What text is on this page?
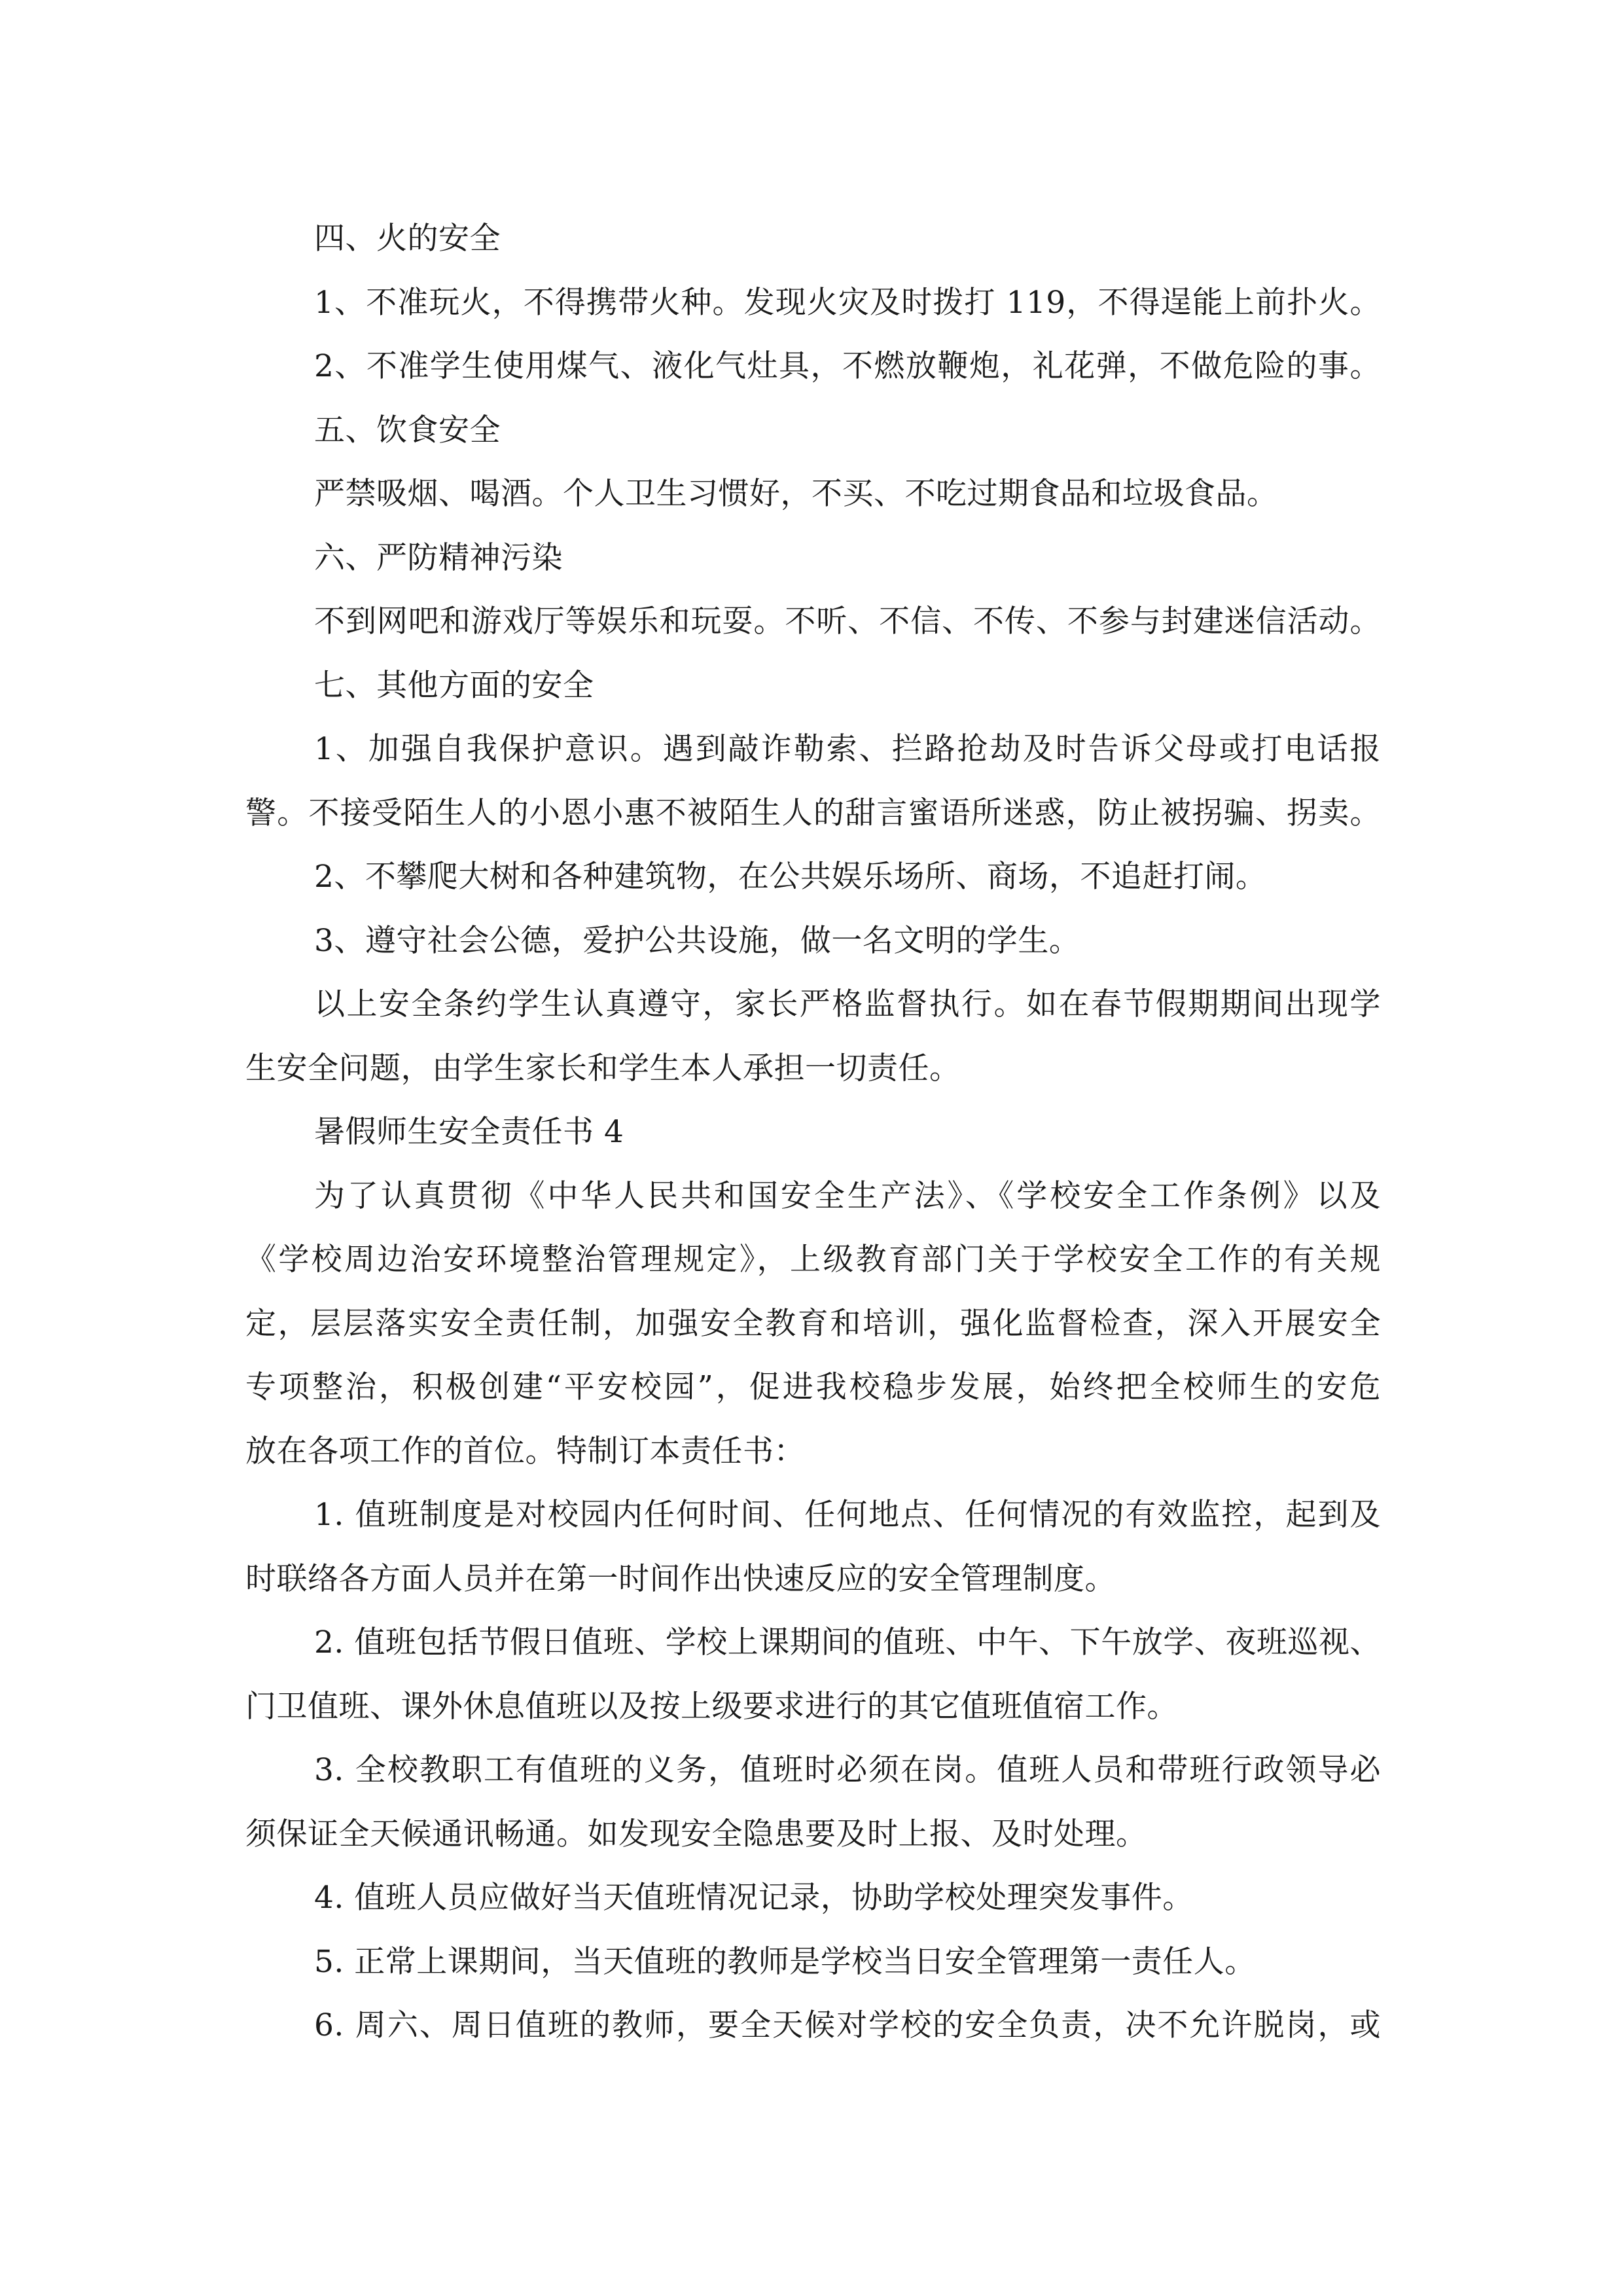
四、火的安全
1、不准玩火，不得携带火种。发现火灾及时拨打 119，不得逞能上前扑火。
2、不准学生使用煤气、液化气灶具，不燃放鞭炮，礼花弹，不做危险的事。
五、饮食安全
严禁吸烟、喝酒。个人卫生习惯好，不买、不吃过期食品和垃圾食品。
六、严防精神污染
不到网吧和游戏厅等娱乐和玩耍。不听、不信、不传、不参与封建迷信活动。
七、其他方面的安全
1、加强自我保护意识。遇到敲诈勒索、拦路抢劫及时告诉父母或打电话报
警。不接受陌生人的小恩小惠不被陌生人的甜言蜜语所迷惑，防止被拐骗、拐卖。
2、不攀爬大树和各种建筑物，在公共娱乐场所、商场，不追赶打闹。
3、遵守社会公德，爱护公共设施，做一名文明的学生。
以上安全条约学生认真遵守，家长严格监督执行。如在春节假期期间出现学
生安全问题，由学生家长和学生本人承担一切责任。
暑假师生安全责任书 4
为了认真贯彻《中华人民共和国安全生产法》、《学校安全工作条例》以及
《学校周边治安环境整治管理规定》，上级教育部门关于学校安全工作的有关规
定，层层落实安全责任制，加强安全教育和培训，强化监督检查，深入开展安全
专项整治，积极创建“平安校园”，促进我校稳步发展，始终把全校师生的安危
放在各项工作的首位。特制订本责任书：
1. 值班制度是对校园内任何时间、任何地点、任何情况的有效监控，起到及
时联络各方面人员并在第一时间作出快速反应的安全管理制度。
2. 值班包括节假日值班、学校上课期间的值班、中午、下午放学、夜班巡视、
门卫值班、课外休息值班以及按上级要求进行的其它值班值宿工作。
3. 全校教职工有值班的义务，值班时必须在岗。值班人员和带班行政领导必
须保证全天候通讯畅通。如发现安全隐患要及时上报、及时处理。
4. 值班人员应做好当天值班情况记录，协助学校处理突发事件。
5. 正常上课期间，当天值班的教师是学校当日安全管理第一责任人。
6. 周六、周日值班的教师，要全天候对学校的安全负责，决不允许脱岗，或
